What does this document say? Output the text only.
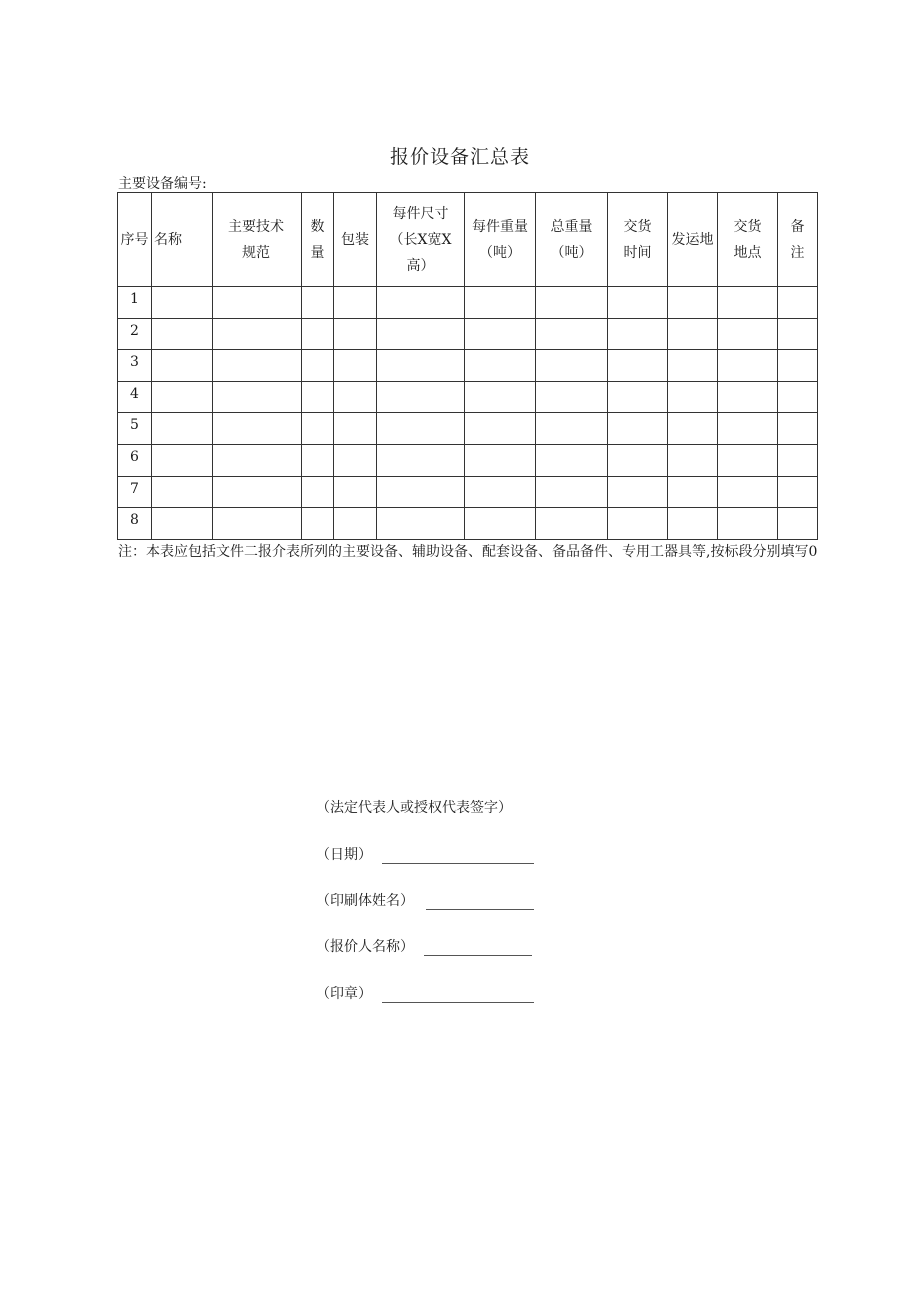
报价设备汇总表
主要设备编号:
序号	名称	主要技术规范	数量	包装	每件尺寸（长X宽X高）	每件重量（吨）	总重量（吨）	交货时间	发运地	交货地点	备注

1											
2											
3											
4											
5											
6											
7											
8											
注：本表应包括文件二报介表所列的主要设备、辅助设备、配套设备、备品备件、专用工器具等,按标段分别填写0
（法定代表人或授权代表签字）
（日期）
（印刷体姓名）
（报价人名称）
（印章）
